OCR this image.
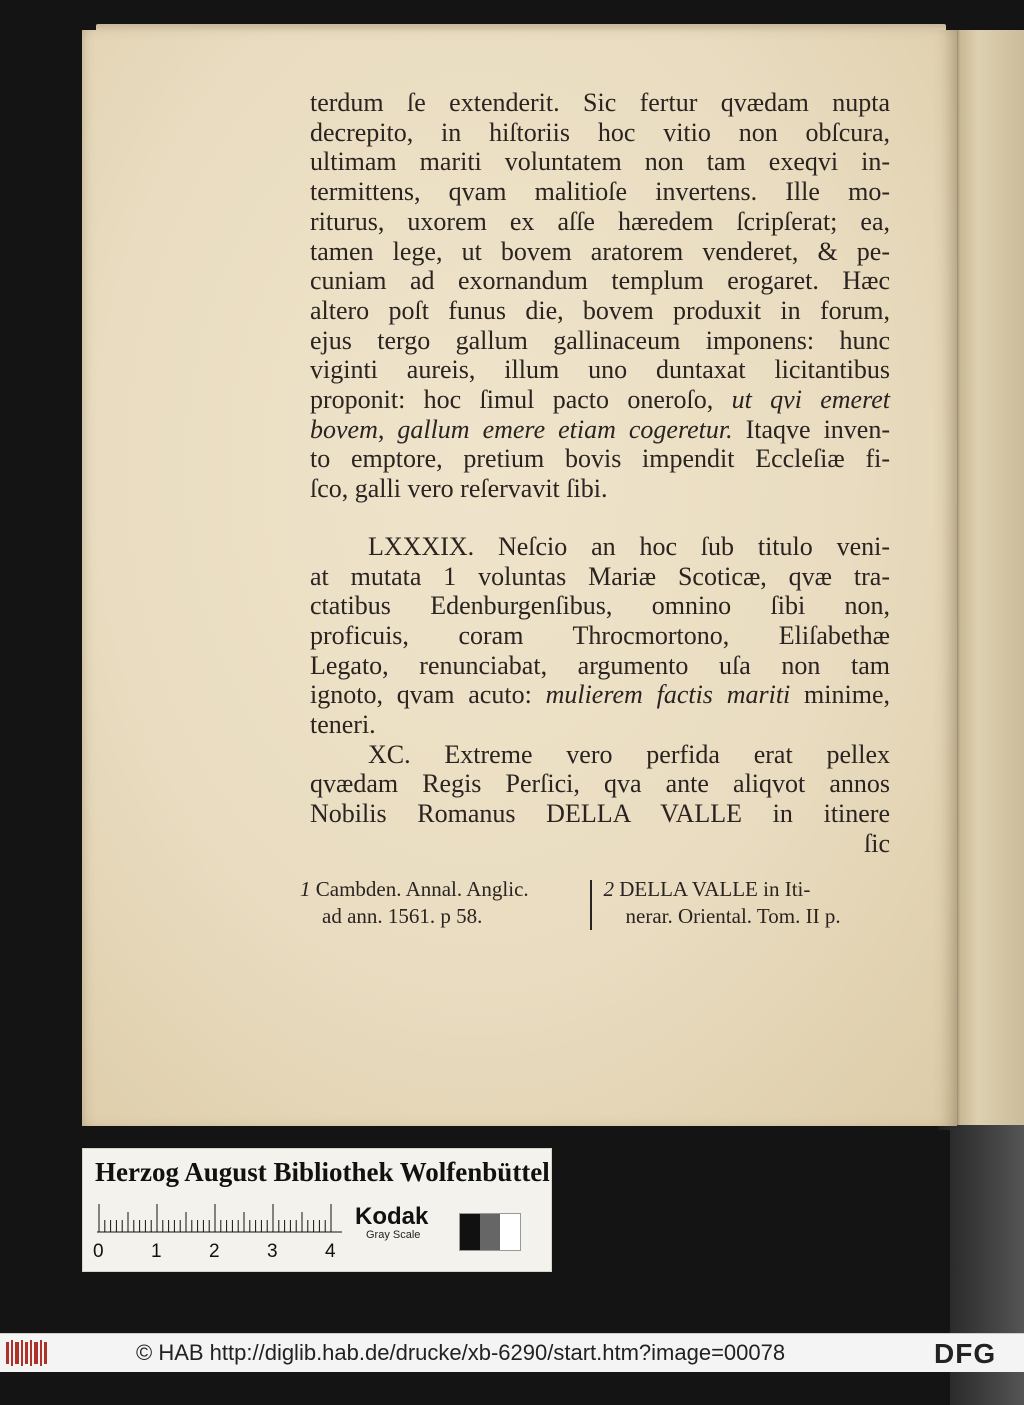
terdum ſe extenderit. Sic fertur qvædam nupta
decrepito, in hiſtoriis hoc vitio non obſcura,
ultimam mariti voluntatem non tam exeqvi in-
termittens, qvam malitioſe invertens. Ille mo-
riturus, uxorem ex aſſe hæredem ſcripſerat; ea,
tamen lege, ut bovem aratorem venderet, & pe-
cuniam ad exornandum templum erogaret. Hæc
altero poſt funus die, bovem produxit in forum,
ejus tergo gallum gallinaceum imponens: hunc
viginti aureis, illum uno duntaxat licitantibus
proponit: hoc ſimul pacto oneroſo, ut qvi emeret
bovem, gallum emere etiam cogeretur. Itaqve inven-
to emptore, pretium bovis impendit Eccleſiæ fi-
ſco, galli vero reſervavit ſibi.
LXXXIX. Neſcio an hoc ſub titulo veni-
at mutata 1 voluntas Mariæ Scoticæ, qvæ tra-
ctatibus Edenburgenſibus, omnino ſibi non,
proficuis, coram Throcmortono, Eliſabethæ
Legato, renunciabat, argumento uſa non tam
ignoto, qvam acuto: mulierem factis mariti minime,
teneri.
XC. Extreme vero perfida erat pellex
qvædam Regis Perſici, qva ante aliqvot annos
Nobilis Romanus DELLA VALLE in itinere
ſic
1 Cambden. Annal. Anglic.
ad ann. 1561. p 58.
2 DELLA VALLE in Iti-
nerar. Oriental. Tom. II p.
Herzog August Bibliothek Wolfenbüttel
0 1 2 3 4
Kodak
Gray Scale
© HAB http://diglib.hab.de/drucke/xb-6290/start.htm?image=00078	DFG
